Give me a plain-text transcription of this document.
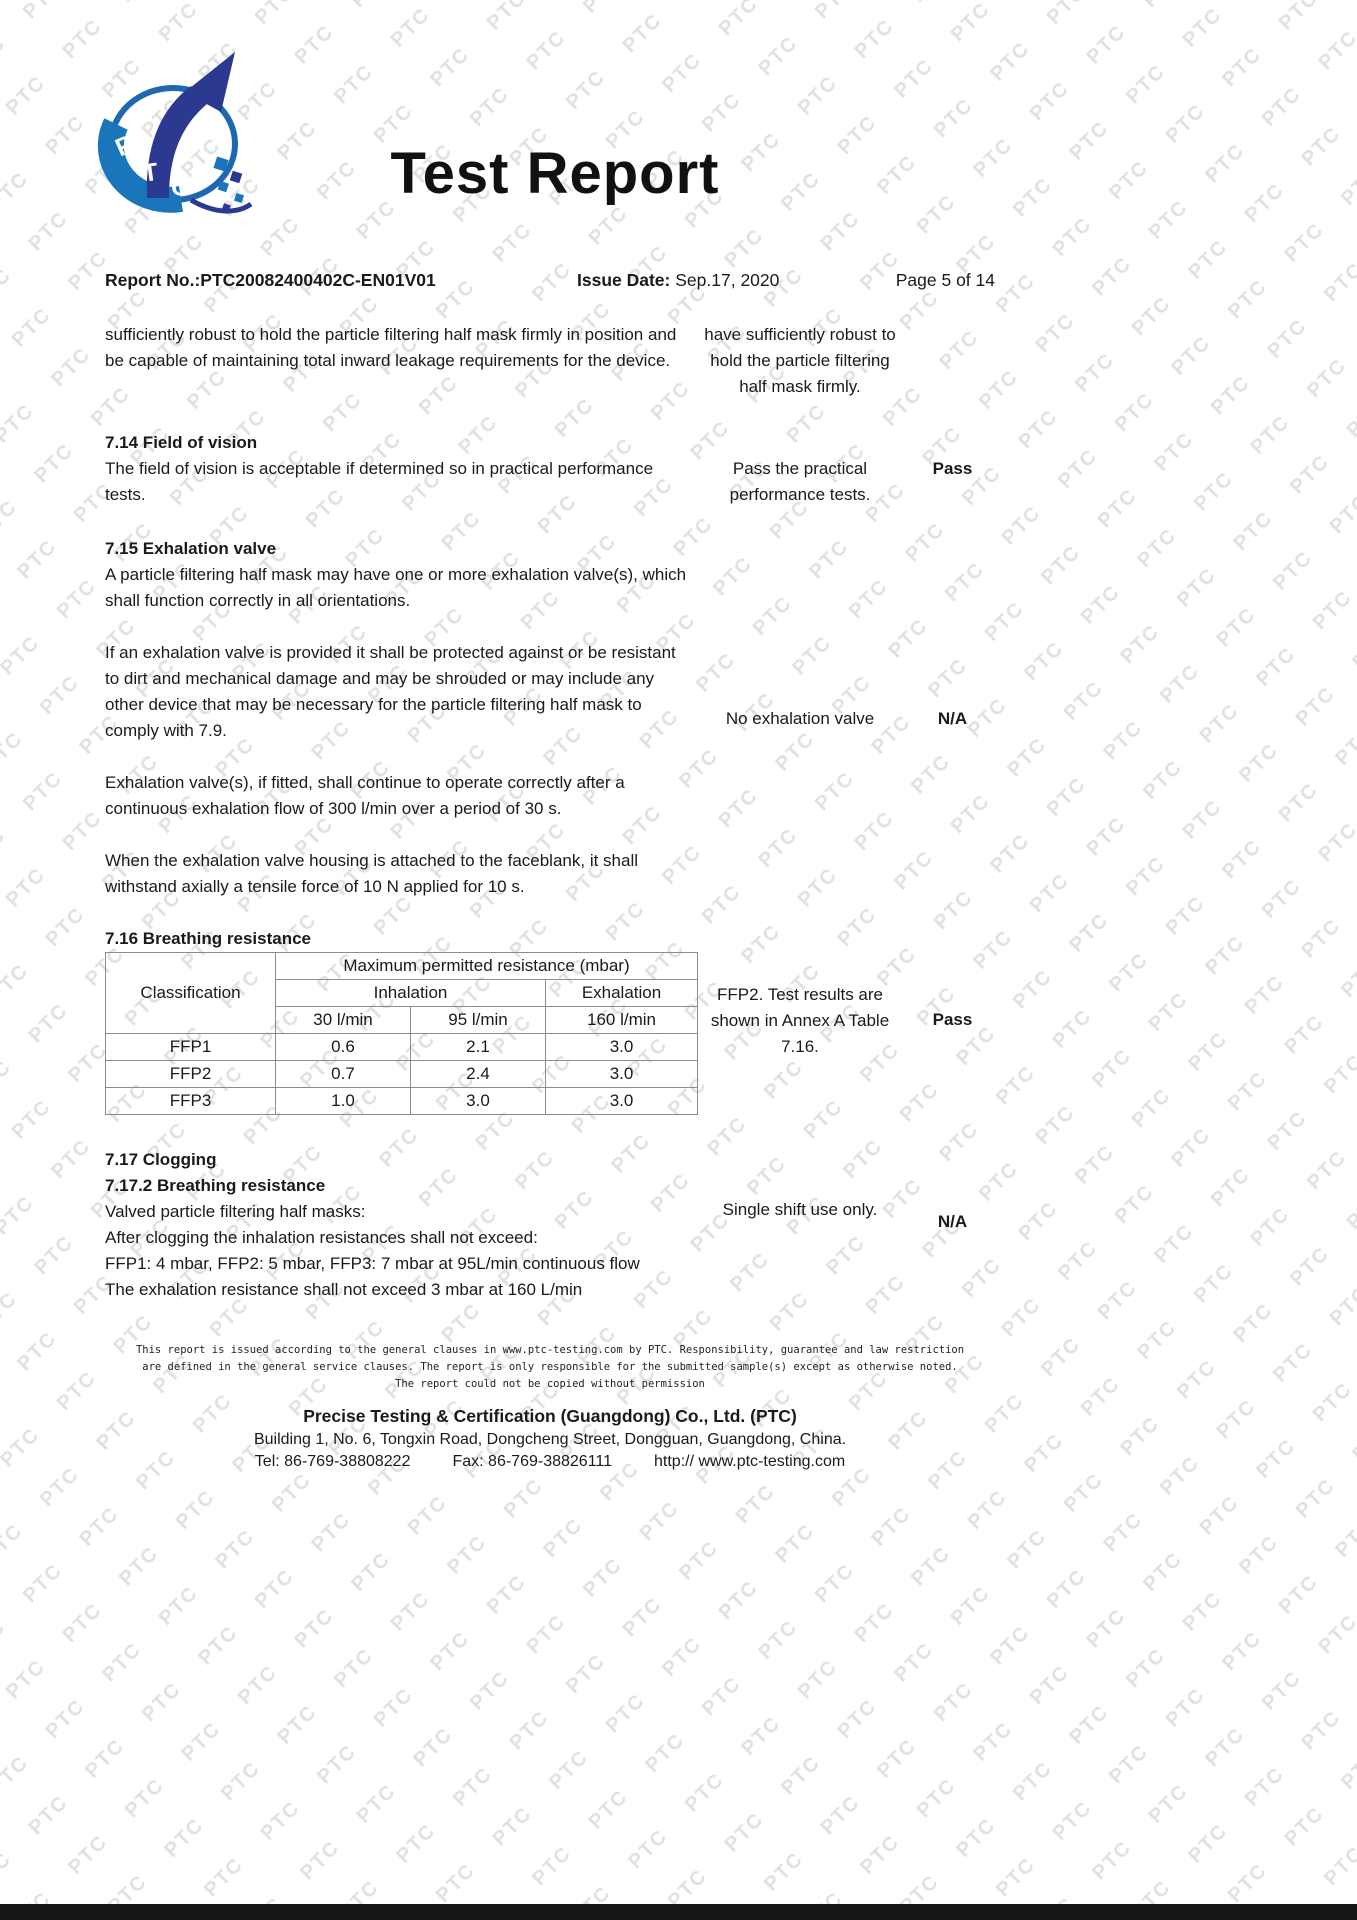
P
T C	Test Report
Report No.:PTC20082400402C-EN01V01	Issue Date: Sep.17, 2020	Page 5 of 14

sufficiently robust to hold the particle filtering half mask firmly in position and be capable of maintaining total inward leakage requirements for the device.

have sufficiently robust to hold the particle filtering half mask firmly.
7.14 Field of vision

The field of vision is acceptable if determined so in practical performance tests.

Pass the practical performance tests.
Pass
7.15 Exhalation valve

A particle filtering half mask may have one or more exhalation valve(s), which shall function correctly in all orientations.

If an exhalation valve is provided it shall be protected against or be resistant to dirt and mechanical damage and may be shrouded or may include any other device that may be necessary for the particle filtering half mask to comply with 7.9.

Exhalation valve(s), if fitted, shall continue to operate correctly after a continuous exhalation flow of 300 l/min over a period of 30 s.

When the exhalation valve housing is attached to the faceblank, it shall withstand axially a tensile force of 10 N applied for 10 s.

No exhalation valve	N/A
7.16 Breathing resistance
Classification	Maximum permitted resistance (mbar)		
	Inhalation		Exhalation
	30 l/min	95 l/min	160 l/min
FFP1	0.6	2.1	3.0
FFP2	0.7	2.4	3.0
FFP3	1.0	3.0	3.0
FFP2. Test results are shown in Annex A Table 7.16.
Pass
7.17 Clogging
7.17.2 Breathing resistance

Valved particle filtering half masks:

After clogging the inhalation resistances shall not exceed:

FFP1: 4 mbar, FFP2: 5 mbar, FFP3: 7 mbar at 95L/min continuous flow

The exhalation resistance shall not exceed 3 mbar at 160 L/min

Single shift use only.
N/A
This report is issued according to the general clauses in www.ptc-testing.com by PTC. Responsibility, guarantee and law restriction
are defined in the general service clauses. The report is only responsible for the submitted sample(s) except as otherwise noted.
The report could not be copied without permission
Precise Testing & Certification (Guangdong) Co., Ltd. (PTC)
Building 1, No. 6, Tongxin Road, Dongcheng Street, Dongguan, Guangdong, China.
Tel: 86-769-38808222	Fax: 86-769-38826111	http:// www.ptc-testing.com
